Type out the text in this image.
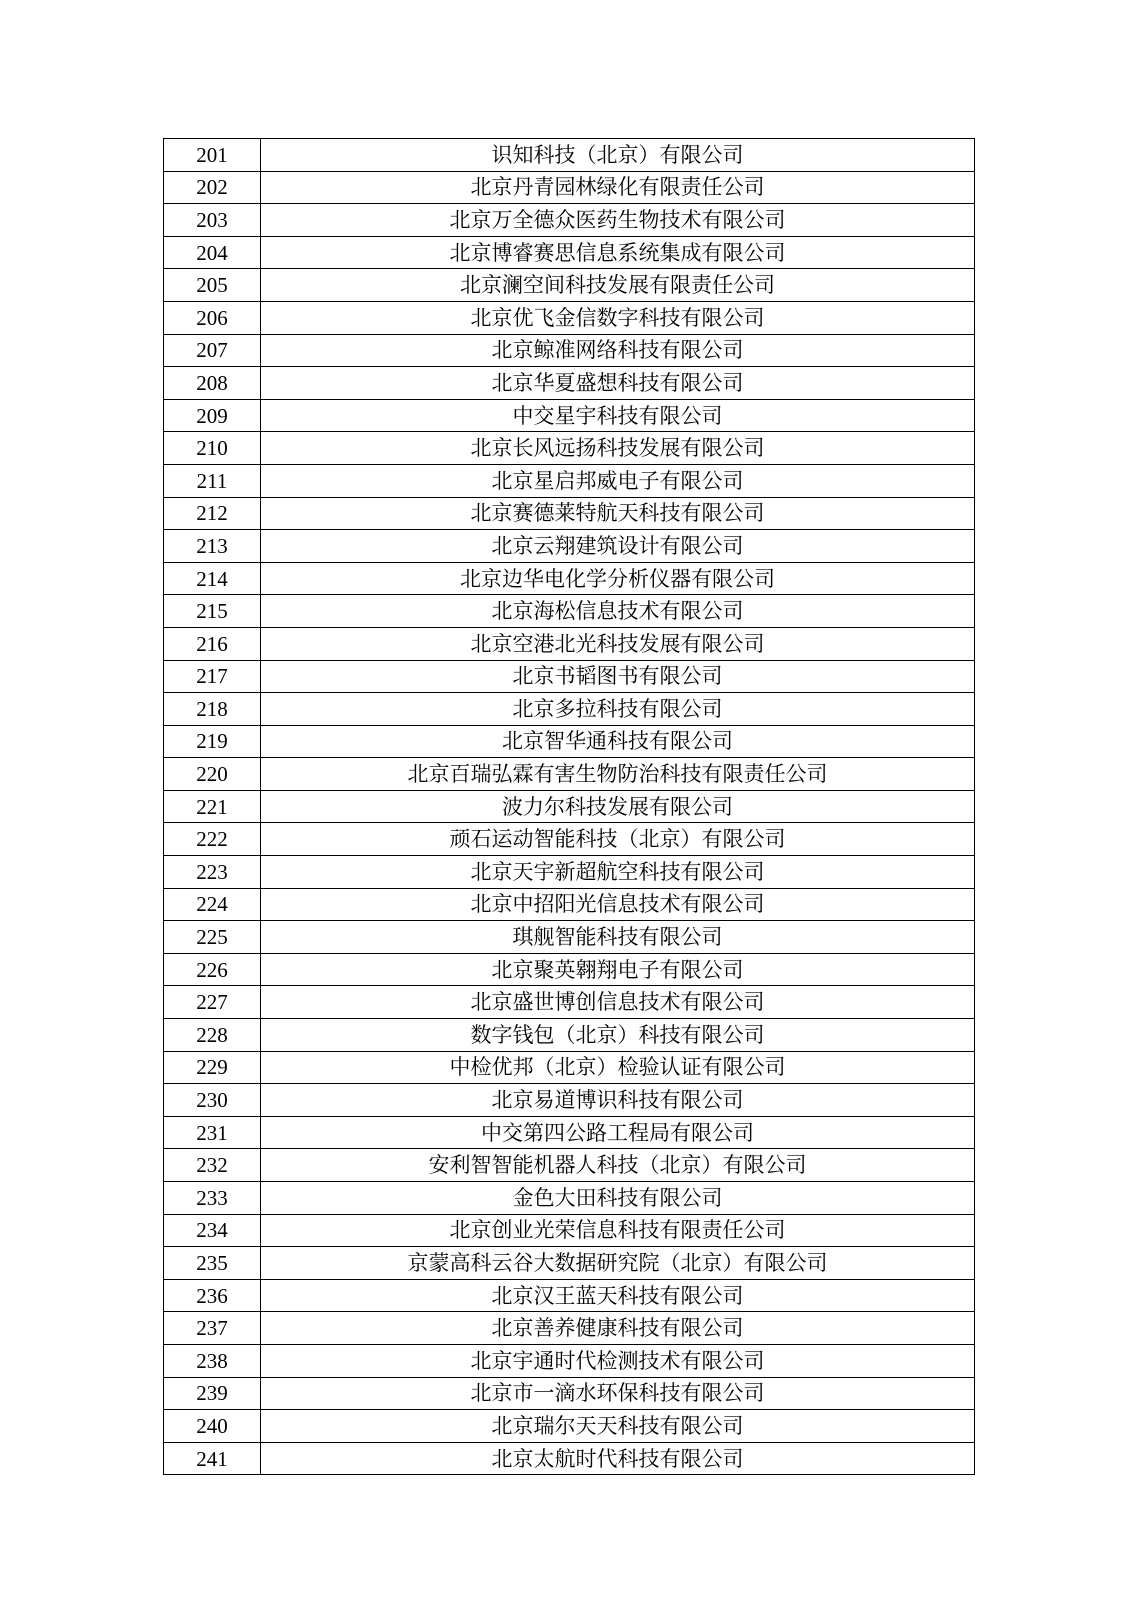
201	识知科技（北京）有限公司
202	北京丹青园林绿化有限责任公司
203	北京万全德众医药生物技术有限公司
204	北京博睿赛思信息系统集成有限公司
205	北京澜空间科技发展有限责任公司
206	北京优飞金信数字科技有限公司
207	北京鲸准网络科技有限公司
208	北京华夏盛想科技有限公司
209	中交星宇科技有限公司
210	北京长风远扬科技发展有限公司
211	北京星启邦威电子有限公司
212	北京赛德莱特航天科技有限公司
213	北京云翔建筑设计有限公司
214	北京边华电化学分析仪器有限公司
215	北京海松信息技术有限公司
216	北京空港北光科技发展有限公司
217	北京书韬图书有限公司
218	北京多拉科技有限公司
219	北京智华通科技有限公司
220	北京百瑞弘霖有害生物防治科技有限责任公司
221	波力尔科技发展有限公司
222	顽石运动智能科技（北京）有限公司
223	北京天宇新超航空科技有限公司
224	北京中招阳光信息技术有限公司
225	琪舰智能科技有限公司
226	北京聚英翱翔电子有限公司
227	北京盛世博创信息技术有限公司
228	数字钱包（北京）科技有限公司
229	中检优邦（北京）检验认证有限公司
230	北京易道博识科技有限公司
231	中交第四公路工程局有限公司
232	安利智智能机器人科技（北京）有限公司
233	金色大田科技有限公司
234	北京创业光荣信息科技有限责任公司
235	京蒙高科云谷大数据研究院（北京）有限公司
236	北京汉王蓝天科技有限公司
237	北京善养健康科技有限公司
238	北京宇通时代检测技术有限公司
239	北京市一滴水环保科技有限公司
240	北京瑞尔天天科技有限公司
241	北京太航时代科技有限公司
